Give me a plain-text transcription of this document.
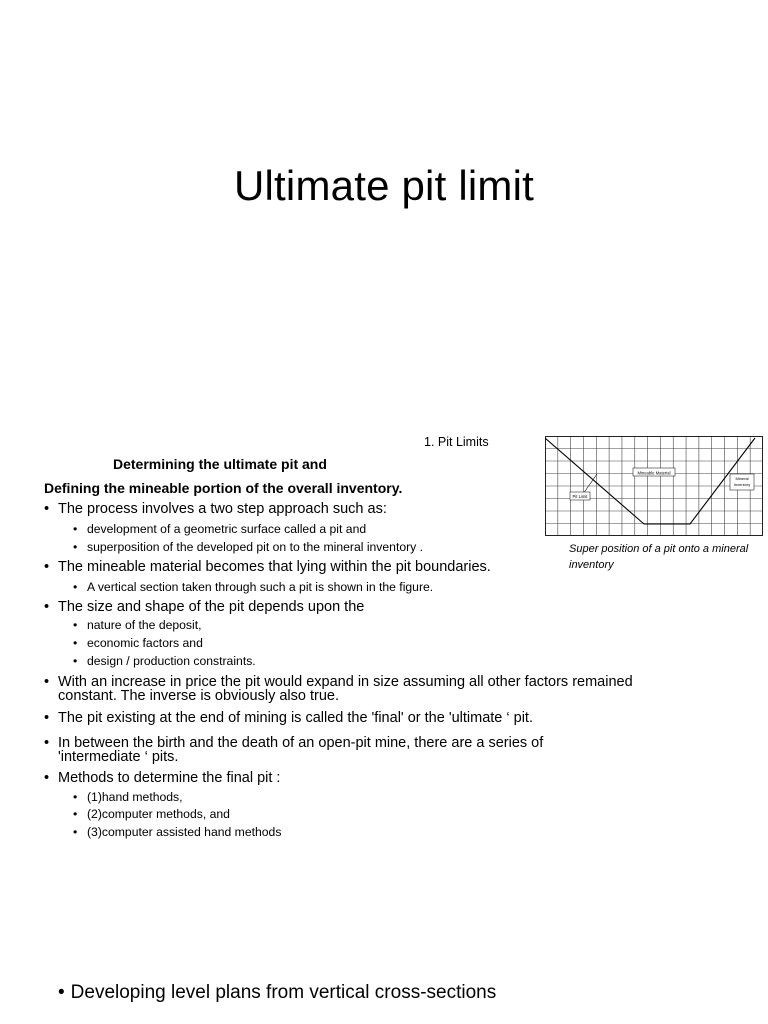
Ultimate pit limit
1. Pit Limits
Determining the ultimate pit and
Defining the mineable portion of the overall inventory.
• The process involves a two step approach such as:
• development of a geometric surface called a pit and
• superposition of the developed pit on to the mineral inventory .
• The mineable material becomes that lying within the pit boundaries.
• A vertical section taken through such a pit is shown in the figure.
• The size and shape of the pit depends upon the
• nature of the deposit,
• economic factors and
• design / production constraints.
• With an increase in price the pit would expand in size assuming all other factors remained constant. The inverse is obviously also true.
• The pit existing at the end of mining is called the 'final' or the 'ultimate ‘ pit.
• In between the birth and the death of an open-pit mine, there are a series of 'intermediate ‘ pits.
• Methods to determine the final pit :
• (1)hand methods,
• (2)computer methods, and
• (3)computer assisted hand methods
Mineable Material
Pit Limit
Mineral
Inventory
Super position of a pit onto a mineral inventory
• Developing level plans from vertical cross-sections
